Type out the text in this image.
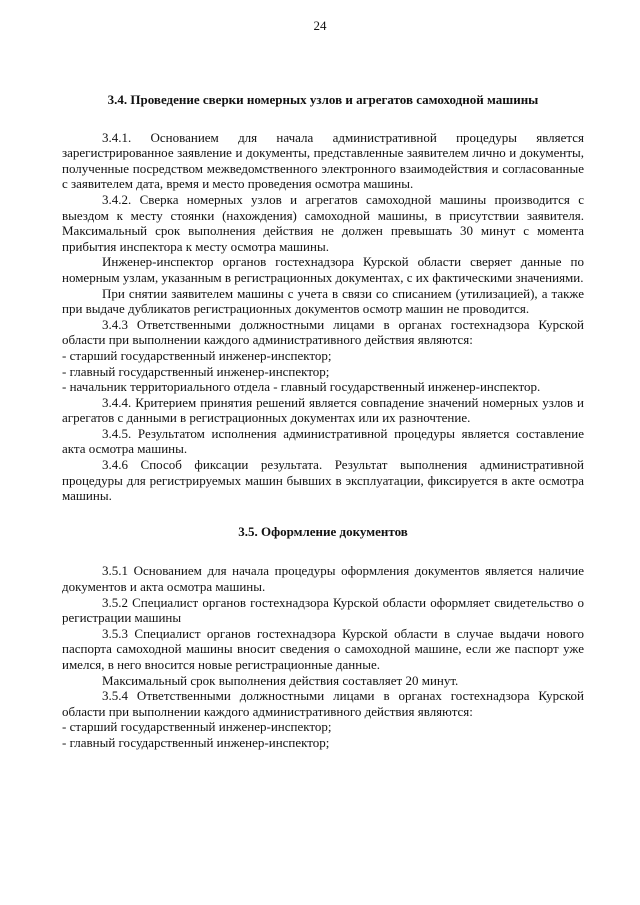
24
3.4. Проведение сверки номерных узлов и агрегатов самоходной машины

3.4.1. Основанием для начала административной процедуры является зарегистрированное заявление и документы, представленные заявителем лично и документы, полученные посредством межведомственного электронного взаимодействия и согласованные с заявителем дата, время и место проведения осмотра машины.

3.4.2. Сверка номерных узлов и агрегатов самоходной машины производится с выездом к месту стоянки (нахождения) самоходной машины, в присутствии заявителя. Максимальный срок выполнения действия не должен превышать 30 минут с момента прибытия инспектора к месту осмотра машины.

Инженер-инспектор органов гостехнадзора Курской области сверяет данные по номерным узлам, указанным в регистрационных документах, с их фактическими значениями.

При снятии заявителем машины с учета в связи со списанием (утилизацией), а также при выдаче дубликатов регистрационных документов осмотр машин не проводится.

3.4.3 Ответственными должностными лицами в органах гостехнадзора Курской области при выполнении каждого административного действия являются:

- старший государственный инженер-инспектор;

- главный государственный инженер-инспектор;

- начальник территориального отдела - главный государственный инженер-инспектор.

3.4.4. Критерием принятия решений является совпадение значений номерных узлов и агрегатов с данными в регистрационных документах или их разночтение.

3.4.5. Результатом исполнения административной процедуры является составление акта осмотра машины.

3.4.6 Способ фиксации результата. Результат выполнения административной процедуры для регистрируемых машин бывших в эксплуатации, фиксируется в акте осмотра машины.

3.5. Оформление документов

3.5.1 Основанием для начала процедуры оформления документов является наличие документов и акта осмотра машины.

3.5.2 Специалист органов гостехнадзора Курской области оформляет свидетельство о регистрации машины

3.5.3 Специалист органов гостехнадзора Курской области в случае выдачи нового паспорта самоходной машины вносит сведения о самоходной машине, если же паспорт уже имелся, в него вносится новые регистрационные данные.

Максимальный срок выполнения действия составляет 20 минут.

3.5.4 Ответственными должностными лицами в органах гостехнадзора Курской области при выполнении каждого административного действия являются:

- старший государственный инженер-инспектор;

- главный государственный инженер-инспектор;
